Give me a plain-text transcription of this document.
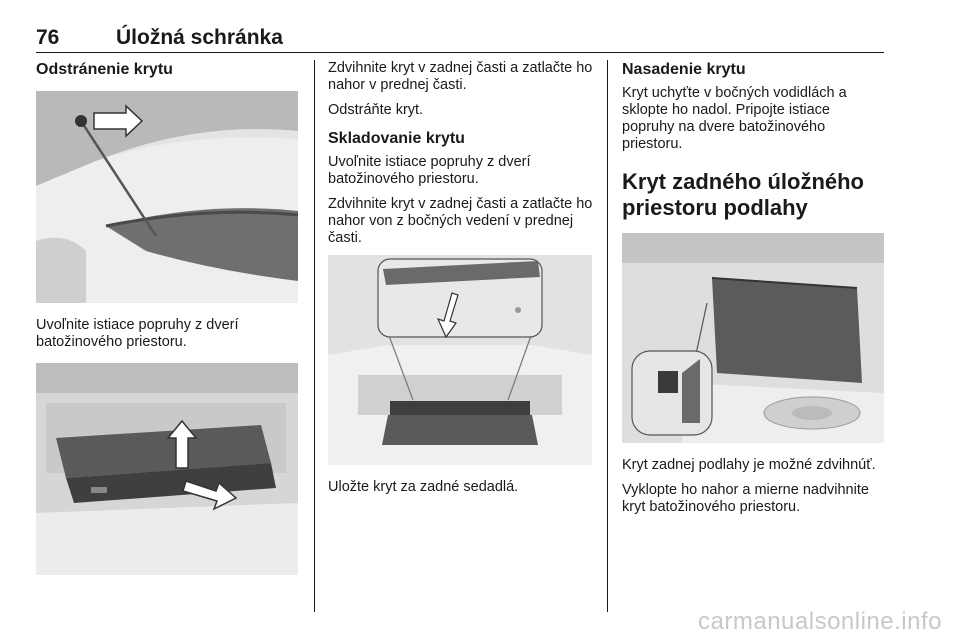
76	Úložná schránka
Odstránenie krytu

Uvoľnite istiace popruhy z dverí batožinového priestoru.

Zdvihnite kryt v zadnej časti a zatlačte ho nahor v prednej časti.

Odstráňte kryt.

Skladovanie krytu

Uvoľnite istiace popruhy z dverí batožinového priestoru.

Zdvihnite kryt v zadnej časti a zatlačte ho nahor von z bočných vedení v prednej časti.

Uložte kryt za zadné sedadlá.

Nasadenie krytu

Kryt uchyťte v bočných vodidlách a sklopte ho nadol. Pripojte istiace popruhy na dvere batožinového priestoru.

Kryt zadného úložného priestoru podlahy

Kryt zadnej podlahy je možné zdvihnúť.

Vyklopte ho nahor a mierne nadvihnite kryt batožinového priestoru.

carmanualsonline.info
